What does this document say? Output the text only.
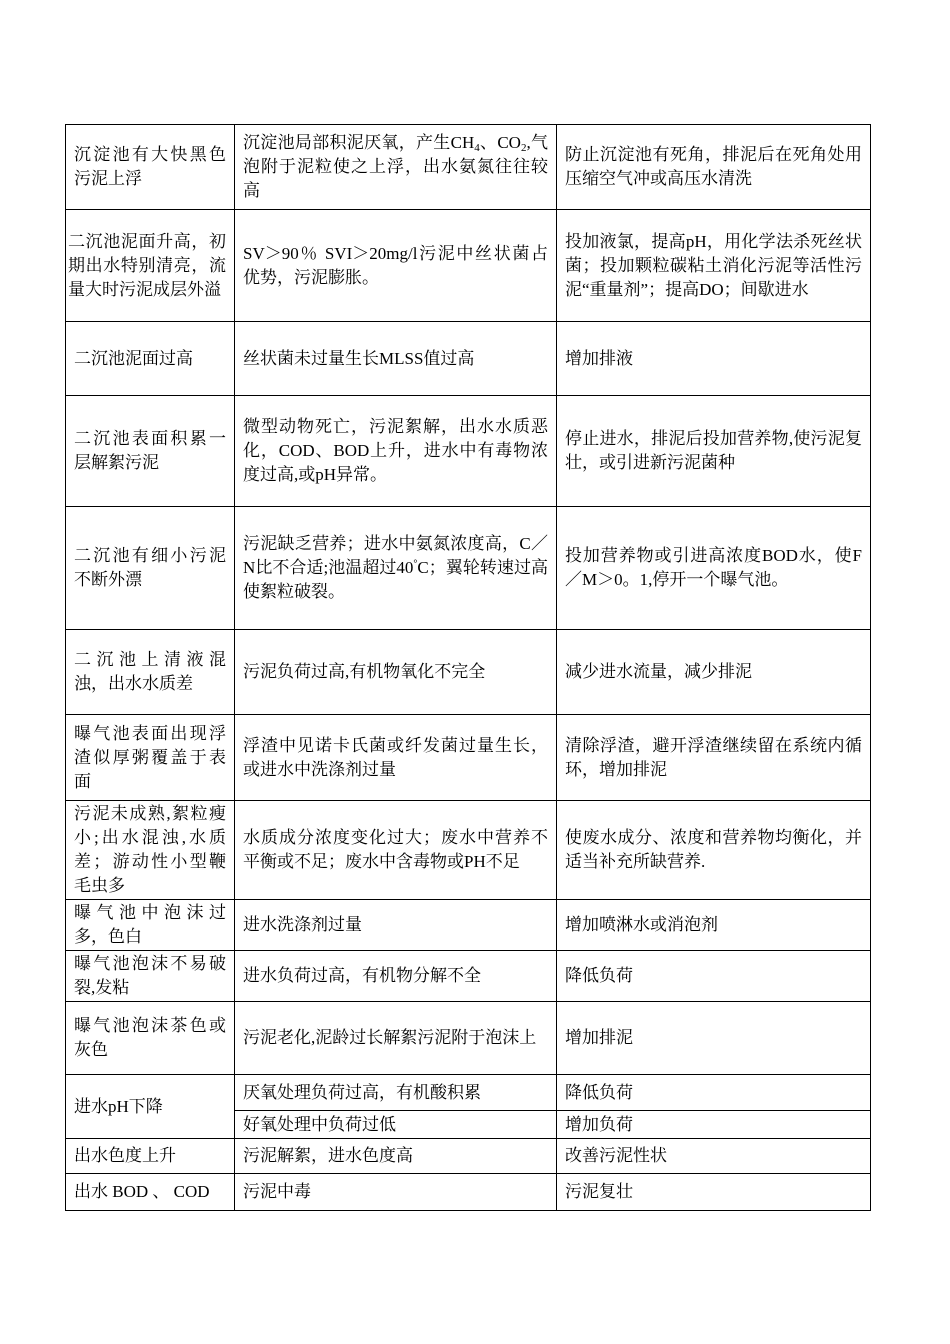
沉淀池有大快黑色污泥上浮	沉淀池局部积泥厌氧，产生$CH_4$、$CO_2$,气泡附于泥粒使之上浮，出水氨氮往往较高	防止沉淀池有死角，排泥后在死角处用压缩空气冲或高压水清洗
二沉池泥面升高，初期出水特别清亮，流量大时污泥成层外溢	SV＞90％ SVI＞20mg/l污泥中丝状菌占优势，污泥膨胀。	投加液氯，提高pH，用化学法杀死丝状菌；投加颗粒碳粘土消化污泥等活性污泥“重量剂”；提高DO；间歇进水
二沉池泥面过高	丝状菌未过量生长MLSS值过高	增加排液
二沉池表面积累一层解絮污泥	微型动物死亡，污泥絮解，出水水质恶化，COD、BOD上升，进水中有毒物浓度过高,或pH异常。	停止进水，排泥后投加营养物,使污泥复壮，或引进新污泥菌种
二沉池有细小污泥不断外漂	污泥缺乏营养；进水中氨氮浓度高，C／N比不合适;池温超过40°C；翼轮转速过高使絮粒破裂。	投加营养物或引进高浓度BOD水，使F／M＞0。1,停开一个曝气池。
二沉池上清液混浊，出水水质差	污泥负荷过高,有机物氧化不完全	减少进水流量，减少排泥
曝气池表面出现浮渣似厚粥覆盖于表面	浮渣中见诺卡氏菌或纤发菌过量生长，或进水中洗涤剂过量	清除浮渣，避开浮渣继续留在系统内循环，增加排泥
污泥未成熟,絮粒瘦小;出水混浊,水质差；游动性小型鞭毛虫多	水质成分浓度变化过大；废水中营养不平衡或不足；废水中含毒物或PH不足	使废水成分、浓度和营养物均衡化，并适当补充所缺营养.
曝气池中泡沫过多，色白	进水洗涤剂过量	增加喷淋水或消泡剂
曝气池泡沫不易破裂,发粘	进水负荷过高，有机物分解不全	降低负荷
曝气池泡沫茶色或灰色	污泥老化,泥龄过长解絮污泥附于泡沫上	增加排泥
进水pH下降	厌氧处理负荷过高，有机酸积累	降低负荷
	好氧处理中负荷过低	增加负荷
出水色度上升	污泥解絮，进水色度高	改善污泥性状
出水 BOD 、 COD	污泥中毒	污泥复壮
